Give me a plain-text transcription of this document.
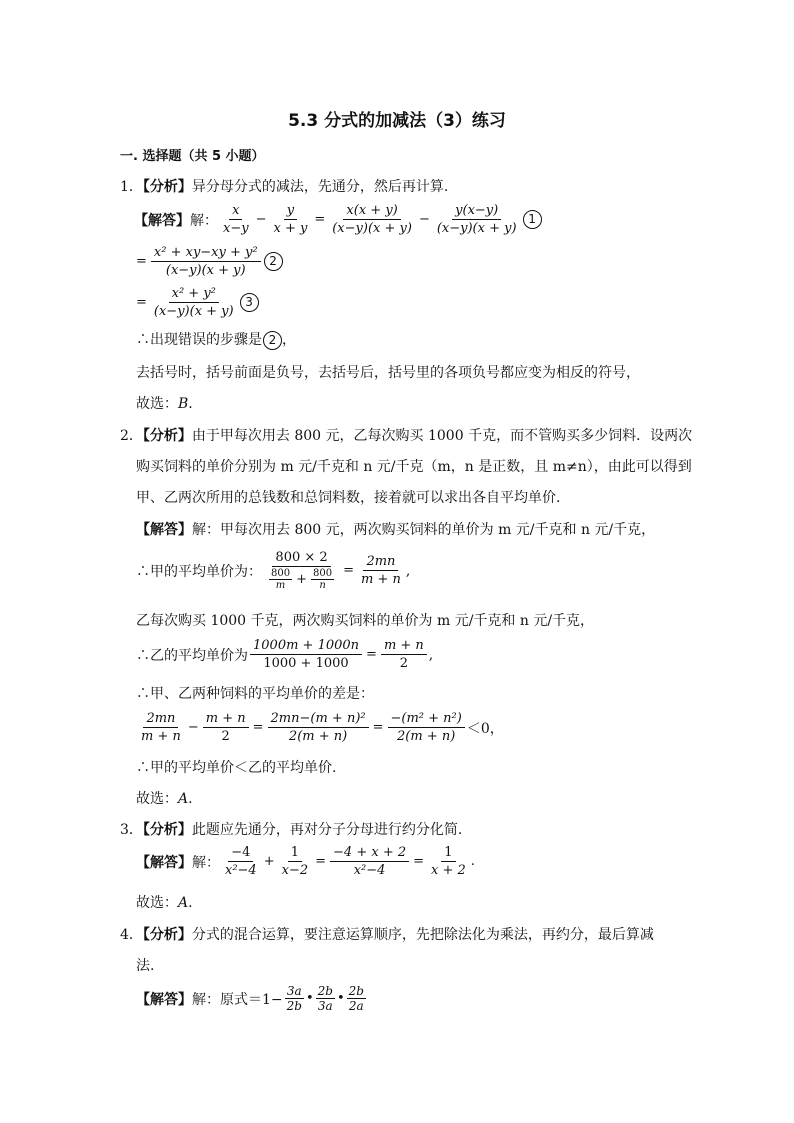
5.3 分式的加减法（3）练习
一. 选择题（共 5 小题）
1．【分析】异分母分式的减法，先通分，然后再计算.
【解答】 解： $\frac{x}{x-y} - \frac{y}{x + y} = \frac{x(x + y)}{(x-y)(x + y)} - \frac{y(x-y)}{(x-y)(x + y)} 1$
= $\frac{\text{x² + xy−xy + y²}}{(x-y)(x + y)} 2$
= $\frac{\text{x² + y²}}{(x-y)(x + y)} 3$
∴出现错误的步骤是 2 ，
去括号时，括号前面是负号，去括号后，括号里的各项负号都应变为相反的符号，
故选：B.
2．【分析】由于甲每次用去 800 元，乙每次购买 1000 千克，而不管购买多少饲料．设两次
购买饲料的单价分别为 m 元/千克和 n 元/千克（m，n 是正数，且 m≠n），由此可以得到
甲、乙两次所用的总钱数和总饲料数，接着就可以求出各自平均单价.
【解答】解：甲每次用去 800 元，两次购买饲料的单价为 m 元/千克和 n 元/千克，
∴甲的平均单价为： $\frac{800 \times 2}{\frac{800}{m} + \frac{800}{n}} = \frac{2mn}{m + n}$ ,
乙每次购买 1000 千克，两次购买饲料的单价为 m 元/千克和 n 元/千克，
∴乙的平均单价为 $\frac{1000m + 1000n}{1000 + 1000} = \frac{m + n}{2}$ ,
∴甲、乙两种饲料的平均单价的差是：
$\frac{2mn}{m + n} - \frac{m + n}{2} = \frac{\text{2mn−(m + n)²}}{2(m + n)} = \frac{\text{−(m² + n²)}}{2(m + n)} <0$，
∴甲的平均单价＜乙的平均单价.
故选：A.
3．【分析】此题应先通分，再对分子分母进行约分化简.
【解答】 解： $\frac{-4}{\text{x²−4}} + \frac{1}{x-2} = \frac{-4 + x + 2}{\text{x²−4}} = \frac{1}{x + 2}$ .
故选：A.
4．【分析】分式的混合运算，要注意运算顺序，先把除法化为乘法，再约分，最后算减
法.
【解答】 解：原式$=1- \frac{3a}{2b}$ • $\frac{2b}{3a}$ • $\frac{2b}{2a}$
